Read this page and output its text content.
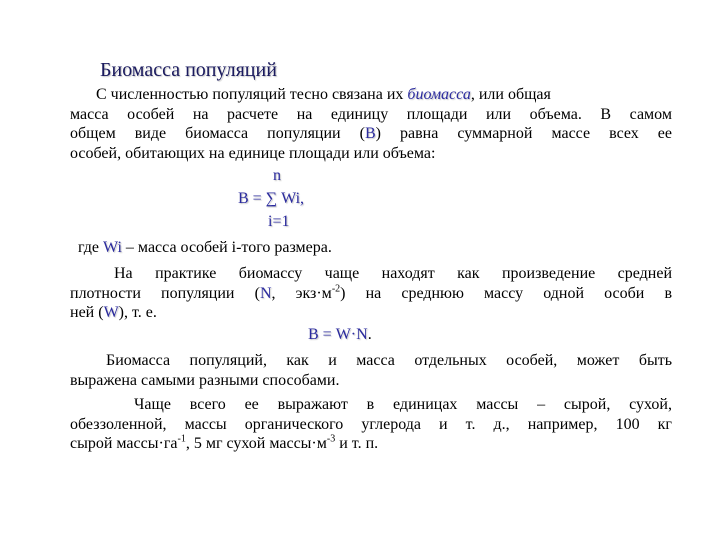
Биомасса популяций
С численностью популяций тесно связана их биомасса, или общая
масса особей на расчете на единицу площади или объема. В самом
общем виде биомасса популяции (В) равна суммарной массе всех ее
особей, обитающих на единице площади или объема:
n
В = ∑ Wi,
i=1
где Wi – масса особей i-того размера.
На практике биомассу чаще находят как произведение средней
плотности популяции (N, $экз\cdot м^{-2}$) на среднюю массу одной особи в
ней (W), т. е.
В = W·N.
Биомасса популяций, как и масса отдельных особей, может быть
выражена самыми разными способами.
Чаще всего ее выражают в единицах массы – сырой, сухой,
обеззоленной, массы органического углерода и т. д., например, 100 кг
сырой $массы\cdot га^{-1}$, 5 мг сухой $массы\cdot м^{-3}$ и т. п.
